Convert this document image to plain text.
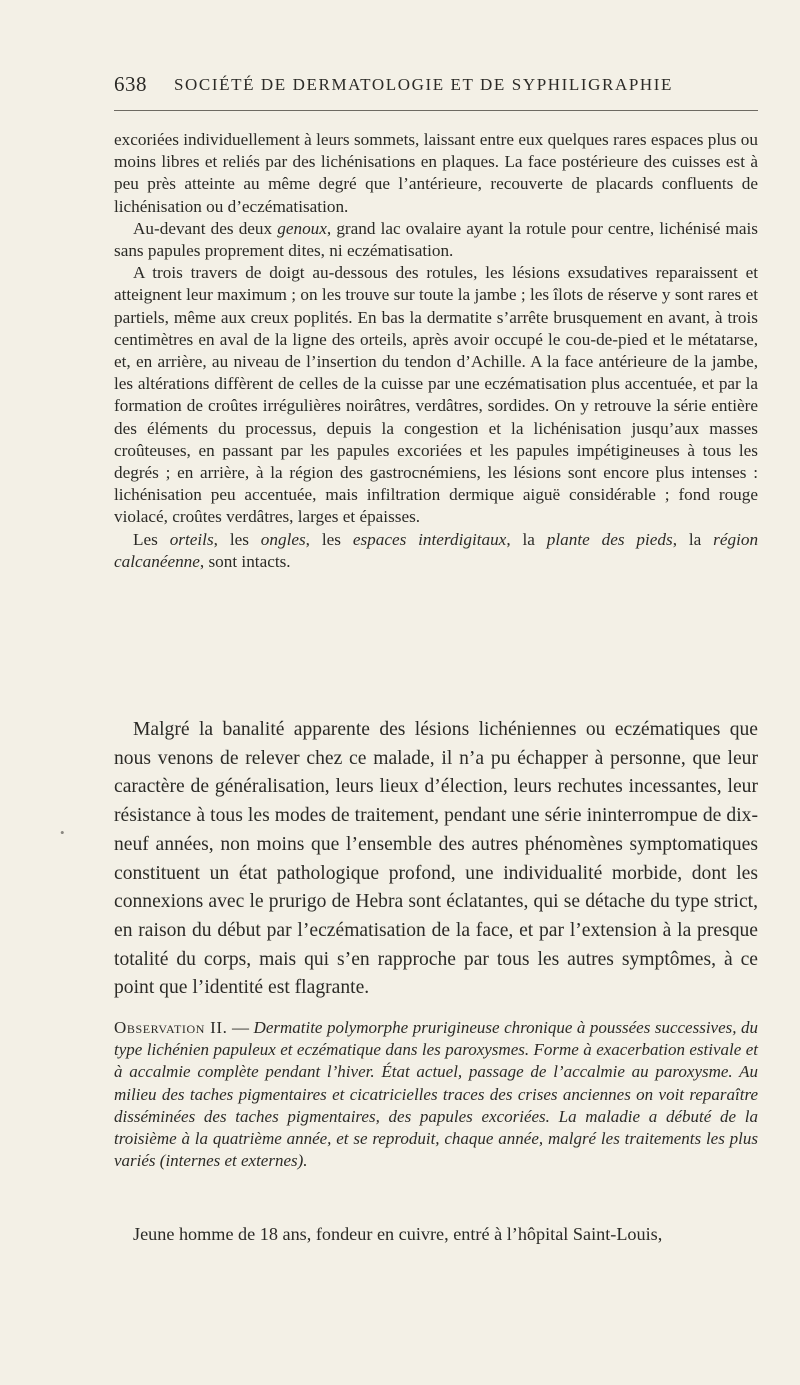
638 SOCIÉTÉ DE DERMATOLOGIE ET DE SYPHILIGRAPHIE

excoriées individuellement à leurs sommets, laissant entre eux quelques rares espaces plus ou moins libres et reliés par des lichénisations en plaques. La face postérieure des cuisses est à peu près atteinte au même degré que l’antérieure, recouverte de placards confluents de lichénisation ou d’eczématisation.

Au-devant des deux genoux, grand lac ovalaire ayant la rotule pour centre, lichénisé mais sans papules proprement dites, ni eczématisation.

A trois travers de doigt au-dessous des rotules, les lésions exsudatives reparaissent et atteignent leur maximum ; on les trouve sur toute la jambe ; les îlots de réserve y sont rares et partiels, même aux creux poplités. En bas la dermatite s’arrête brusquement en avant, à trois centimètres en aval de la ligne des orteils, après avoir occupé le cou-de-pied et le métatarse, et, en arrière, au niveau de l’insertion du tendon d’Achille. A la face antérieure de la jambe, les altérations diffèrent de celles de la cuisse par une eczématisation plus accentuée, et par la formation de croûtes irrégulières noirâtres, verdâtres, sordides. On y retrouve la série entière des éléments du processus, depuis la congestion et la lichénisation jusqu’aux masses croûteuses, en passant par les papules excoriées et les papules impétigineuses à tous les degrés ; en arrière, à la région des gastrocnémiens, les lésions sont encore plus intenses : lichénisation peu accentuée, mais infiltration dermique aiguë considérable ; fond rouge violacé, croûtes verdâtres, larges et épaisses.

Les orteils, les ongles, les espaces interdigitaux, la plante des pieds, la région calcanéenne, sont intacts.

•

Malgré la banalité apparente des lésions lichéniennes ou eczématiques que nous venons de relever chez ce malade, il n’a pu échapper à personne, que leur caractère de généralisation, leurs lieux d’élection, leurs rechutes incessantes, leur résistance à tous les modes de traitement, pendant une série ininterrompue de dix-neuf années, non moins que l’ensemble des autres phénomènes symptomatiques constituent un état pathologique profond, une individualité morbide, dont les connexions avec le prurigo de Hebra sont éclatantes, qui se détache du type strict, en raison du début par l’eczématisation de la face, et par l’extension à la presque totalité du corps, mais qui s’en rapproche par tous les autres symptômes, à ce point que l’identité est flagrante.

Observation II. — Dermatite polymorphe prurigineuse chronique à poussées successives, du type lichénien papuleux et eczématique dans les paroxysmes. Forme à exacerbation estivale et à accalmie complète pendant l’hiver. État actuel, passage de l’accalmie au paroxysme. Au milieu des taches pigmentaires et cicatricielles traces des crises anciennes on voit reparaître disséminées des taches pigmentaires, des papules excoriées. La maladie a débuté de la troisième à la quatrième année, et se reproduit, chaque année, malgré les traitements les plus variés (internes et externes).

Jeune homme de 18 ans, fondeur en cuivre, entré à l’hôpital Saint-Louis,
